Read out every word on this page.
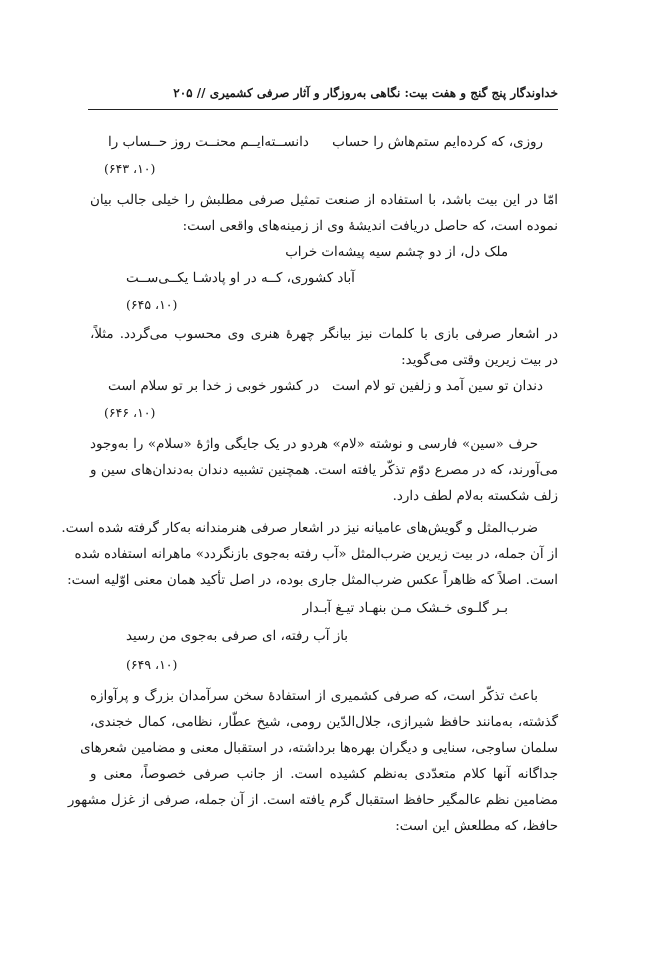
خداوندگار پنج گنج و هفت بیت: نگاهی به‌روزگار و آثار صرفی کشمیری // ۲۰۵
روزی، که کرده‌ایم ستم‌هاش را حساب
دانســته‌ایــم محنــت روز حــساب را
(۱۰، ۶۴۳)
امّا در این بیت باشد، با استفاده از صنعت تمثیل صرفی مطلبش را خیلی جالب بیان
نموده است، که حاصل دریافت اندیشهٔ وی از زمینه‌های واقعی است:
ملک دل، از دو چشم سیه پیشه‌ات خراب
آباد کشوری، کــه در او پادشـا یکــی‌ســت
(۱۰، ۶۴۵)
در اشعار صرفی بازی با کلمات نیز بیانگر چهرهٔ هنری وی محسوب می‌گردد. مثلاً،
در بیت زیرین وقتی می‌گوید:
دندان تو سین آمد و زلفین تو لام است
در کشور خوبی ز خدا بر تو سلام است
(۱۰، ۶۴۶)
حرف «سین» فارسی و نوشته «لام» هردو در یک جایگی واژهٔ «سلام» را به‌وجود
می‌آورند، که در مصرع دوّم تذکّر یافته است. همچنین تشبیه دندان به‌دندان‌های سین و
زلف شکسته به‌لام لطف دارد.
ضرب‌المثل و گویش‌های عامیانه نیز در اشعار صرفی هنرمندانه به‌کار گرفته شده است.
از آن جمله، در بیت زیرین ضرب‌المثل «آب رفته به‌جوی بازنگردد» ماهرانه استفاده شده
است. اصلاً که ظاهراً عکس ضرب‌المثل جاری بوده، در اصل تأکید همان معنی اوّلیه است:
بـر گلـوی خـشک مـن بنهـاد تیـغ آبـدار
باز آب رفته، ای صرفی به‌جوی من رسید
(۱۰، ۶۴۹)
باعث تذکّر است، که صرفی کشمیری از استفادهٔ سخن سرآمدان بزرگ و پرآوازه
گذشته، به‌مانند حافظ شیرازی، جلال‌الدّین رومی، شیخ عطّار، نظامی، کمال خجندی،
سلمان ساوجی، سنایی و دیگران بهره‌ها برداشته، در استقبال معنی و مضامین شعرهای
جداگانه آنها کلام متعدّدی به‌نظم کشیده است. از جانب صرفی خصوصاً، معنی و
مضامین نظم عالمگیر حافظ استقبال گرم یافته است. از آن جمله، صرفی از غزل مشهور
حافظ، که مطلعش این است:
